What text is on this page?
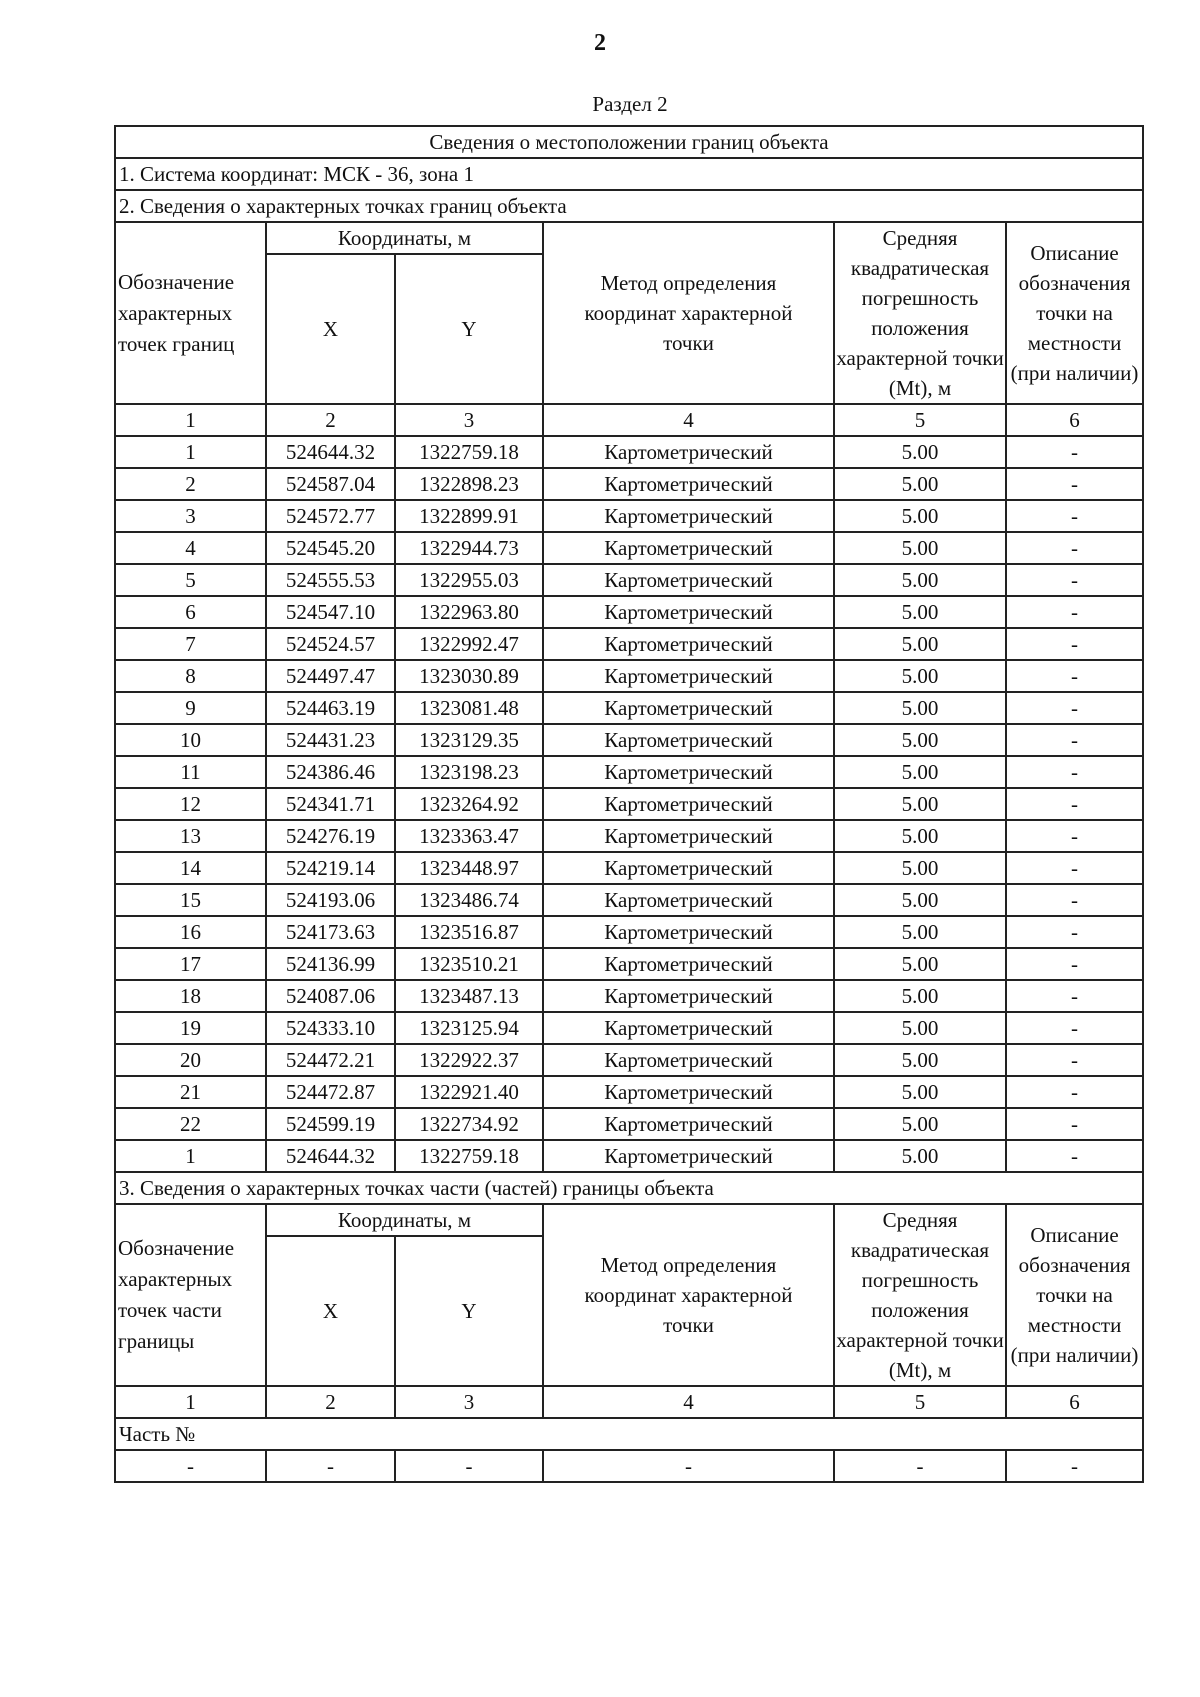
2
Раздел 2
Сведения о местоположении границ объекта					
1. Система координат: МСК - 36, зона 1					
2. Сведения о характерных точках границ объекта					
Обозначение характерных точек границ	Координаты, м		Метод определения координат характерной точки	Средняя квадратическая погрешность положения характерной точки (Mt), м	Описание обозначения точки на местности (при наличии)
	X	Y			
1	2	3	4	5	6
1	524644.32	1322759.18	Картометрический	5.00	-
2	524587.04	1322898.23	Картометрический	5.00	-
3	524572.77	1322899.91	Картометрический	5.00	-
4	524545.20	1322944.73	Картометрический	5.00	-
5	524555.53	1322955.03	Картометрический	5.00	-
6	524547.10	1322963.80	Картометрический	5.00	-
7	524524.57	1322992.47	Картометрический	5.00	-
8	524497.47	1323030.89	Картометрический	5.00	-
9	524463.19	1323081.48	Картометрический	5.00	-
10	524431.23	1323129.35	Картометрический	5.00	-
11	524386.46	1323198.23	Картометрический	5.00	-
12	524341.71	1323264.92	Картометрический	5.00	-
13	524276.19	1323363.47	Картометрический	5.00	-
14	524219.14	1323448.97	Картометрический	5.00	-
15	524193.06	1323486.74	Картометрический	5.00	-
16	524173.63	1323516.87	Картометрический	5.00	-
17	524136.99	1323510.21	Картометрический	5.00	-
18	524087.06	1323487.13	Картометрический	5.00	-
19	524333.10	1323125.94	Картометрический	5.00	-
20	524472.21	1322922.37	Картометрический	5.00	-
21	524472.87	1322921.40	Картометрический	5.00	-
22	524599.19	1322734.92	Картометрический	5.00	-
1	524644.32	1322759.18	Картометрический	5.00	-
3. Сведения о характерных точках части (частей) границы объекта					
Обозначение характерных точек части границы	Координаты, м		Метод определения координат характерной точки	Средняя квадратическая погрешность положения характерной точки (Mt), м	Описание обозначения точки на местности (при наличии)
	X	Y			
1	2	3	4	5	6
Часть №					
-	-	-	-	-	-
